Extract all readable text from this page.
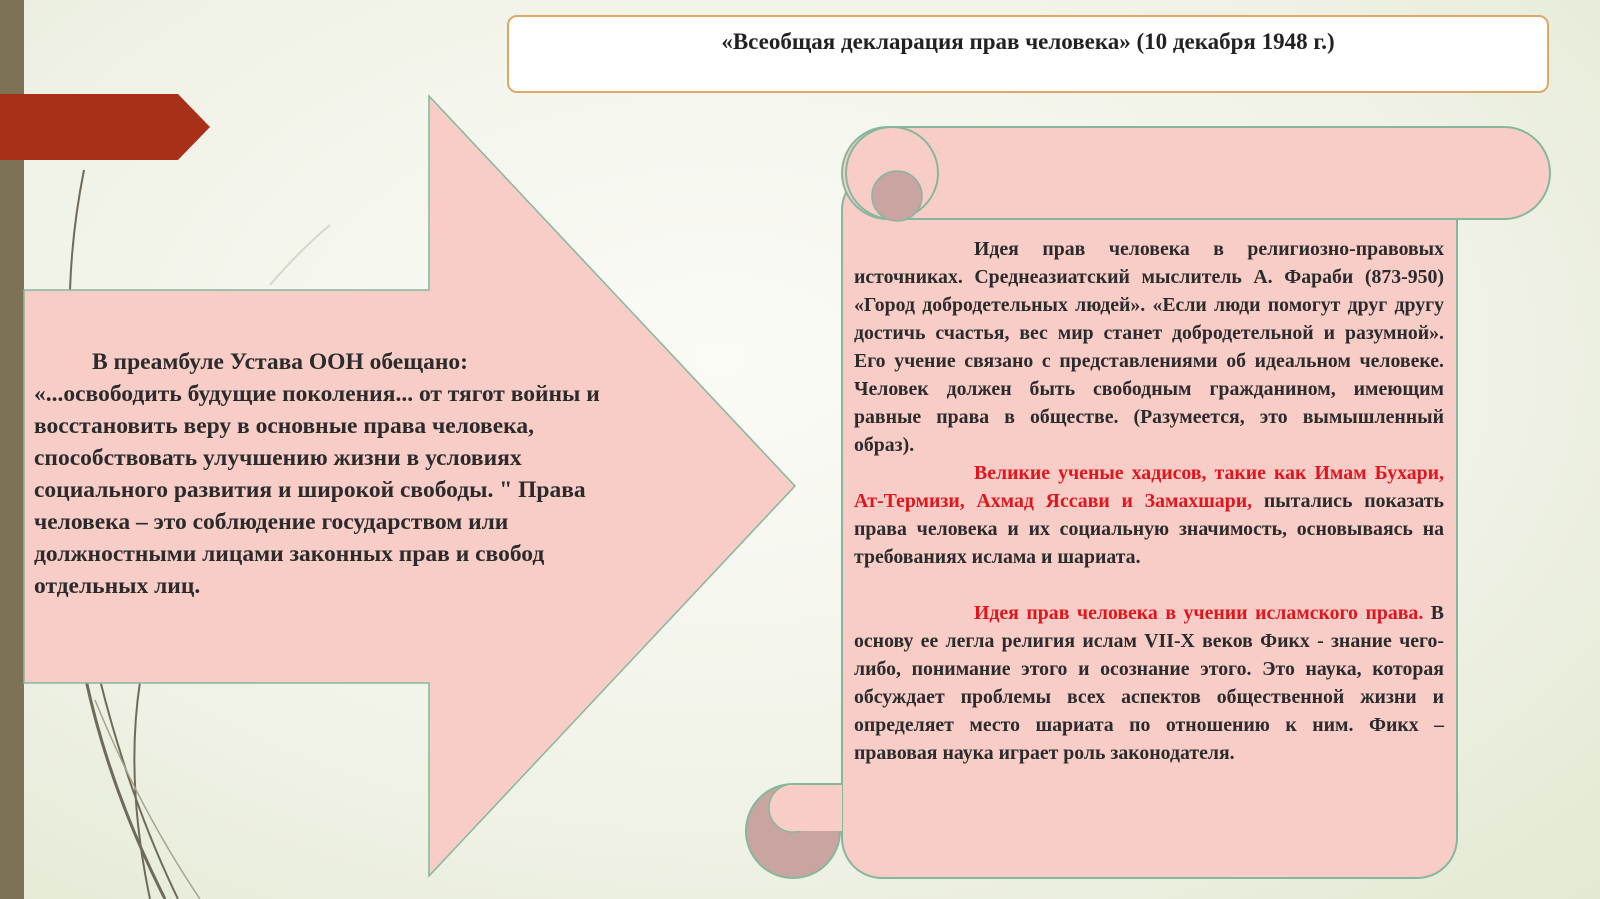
«Всеобщая декларация прав человека» (10 декабря 1948 г.)
В преамбуле Устава ООН обещано: «...освободить будущие поколения... от тягот войны и восстановить веру в основные права человека, способствовать улучшению жизни в условиях социального развития и широкой свободы. " Права человека – это соблюдение государством или должностными лицами законных прав и свобод отдельных лиц.

Идея прав человека в религиозно-правовых источниках. Среднеазиатский мыслитель А. Фараби (873-950) «Город добродетельных людей». «Если люди помогут друг другу достичь счастья, вес мир станет добродетельной и разумной». Его учение связано с представлениями об идеальном человеке. Человек должен быть свободным гражданином, имеющим равные права в обществе. (Разумеется, это вымышленный образ).

Великие ученые хадисов, такие как Имам Бухари, Ат-Термизи, Ахмад Яссави и Замахшари, пытались показать права человека и их социальную значимость, основываясь на требованиях ислама и шариата.

Идея прав человека в учении исламского права. В основу ее легла религия ислам VII-X веков Фикх - знание чего-либо, понимание этого и осознание этого. Это наука, которая обсуждает проблемы всех аспектов общественной жизни и определяет место шариата по отношению к ним. Фикх – правовая наука играет роль законодателя.
